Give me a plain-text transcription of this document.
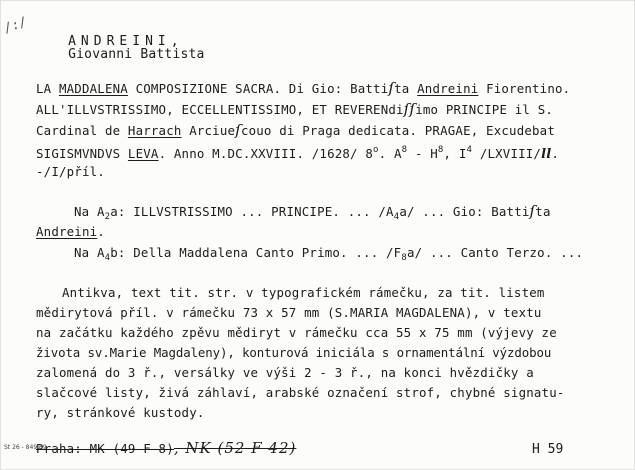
/:/

ANDREINI,
Giovanni Battista

LA MADDALENA COMPOSIZIONE SACRA. Di Gio: Battiſta Andreini Fiorentino.
ALL'ILLVSTRISSIMO, ECCELLENTISSIMO, ET REVERENdiſſimo PRINCIPE il S.
Cardinal de Harrach Arciueſcouo di Praga dedicata. PRAGAE, Excudebat
SIGISMVNDVS LEVA. Anno M.DC.XXVIII. /1628/ 8$^o$. $A^8 - H^8$, $I^4$ /LXVIII/ll.
-/I/příl.
Na $A_2a$: ILLVSTRISSIMO ... PRINCIPE. ... $/A_4a/$ ... Gio: Battiſta
Andreini.
Na $A_4b$: Della Maddalena Canto Primo. ... $/F_8a/$ ... Canto Terzo. ...
Antikva, text tit. str. v typografickém rámečku, za tit. listem
mědirytová příl. v rámečku 73 x 57 mm (S.MARIA MAGDALENA), v textu
na začátku každého zpěvu mědiryt v rámečku cca 55 x 75 mm (výjevy ze
života sv.Marie Magdaleny), konturová iniciála s ornamentální výzdobou
zalomená do 3 ř., versálky ve výši 2 - 3 ř., na konci hvězdičky a
slačcové listy, živá záhlaví, arabské označení strof, chybné signatu-
ry, stránkové kustody.
Praha: MK (49 F 8), NK (52 F 42)
St 26 - 849 69	H 59
